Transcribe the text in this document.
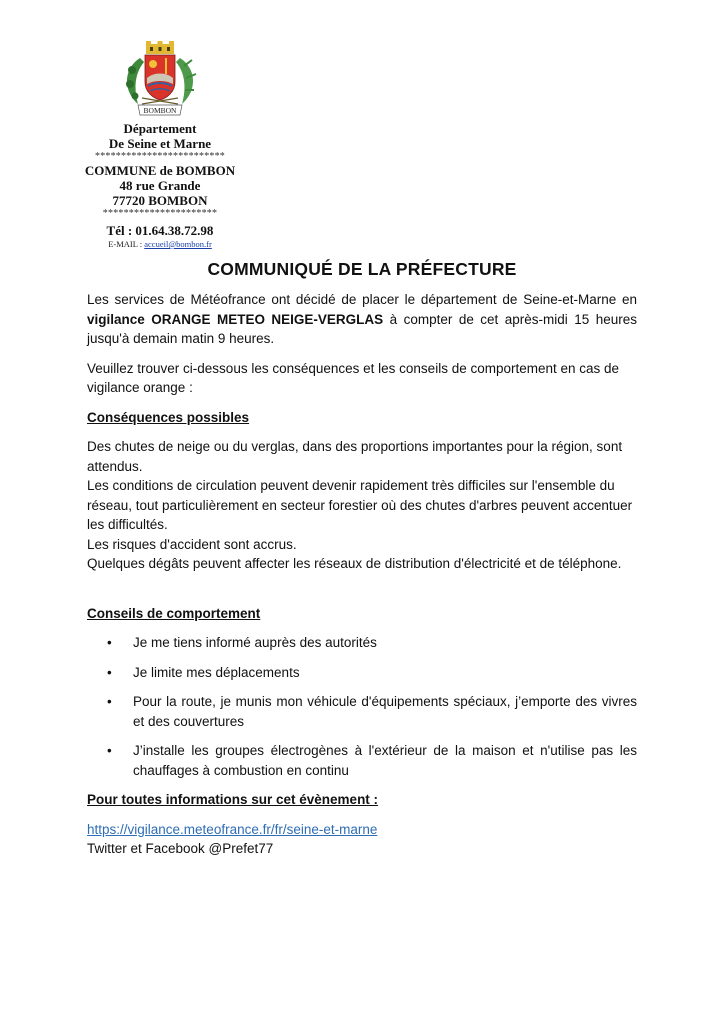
BOMBON
Département
De Seine et Marne
*************************
COMMUNE de BOMBON
48 rue Grande
77720 BOMBON
**********************
Tél : 01.64.38.72.98
E-MAIL : accueil@bombon.fr
COMMUNIQUÉ DE LA PRÉFECTURE

Les services de Météofrance ont décidé de placer le département de Seine-et-Marne en vigilance ORANGE METEO NEIGE-VERGLAS à compter de cet après-midi 15 heures jusqu'à demain matin 9 heures.

Veuillez trouver ci-dessous les conséquences et les conseils de comportement en cas de vigilance orange :

Conséquences possibles
Des chutes de neige ou du verglas, dans des proportions importantes pour la région, sont attendus.
Les conditions de circulation peuvent devenir rapidement très difficiles sur l'ensemble du réseau, tout particulièrement en secteur forestier où des chutes d'arbres peuvent accentuer les difficultés.
Les risques d'accident sont accrus.
Quelques dégâts peuvent affecter les réseaux de distribution d'électricité et de téléphone.
Conseils de comportement
• Je me tiens informé auprès des autorités
• Je limite mes déplacements
• Pour la route, je munis mon véhicule d'équipements spéciaux, j’emporte des vivres et des couvertures
• J’installe les groupes électrogènes à l'extérieur de la maison et n'utilise pas les chauffages à combustion en continu
Pour toutes informations sur cet évènement :
https://vigilance.meteofrance.fr/fr/seine-et-marne
Twitter et Facebook @Prefet77
